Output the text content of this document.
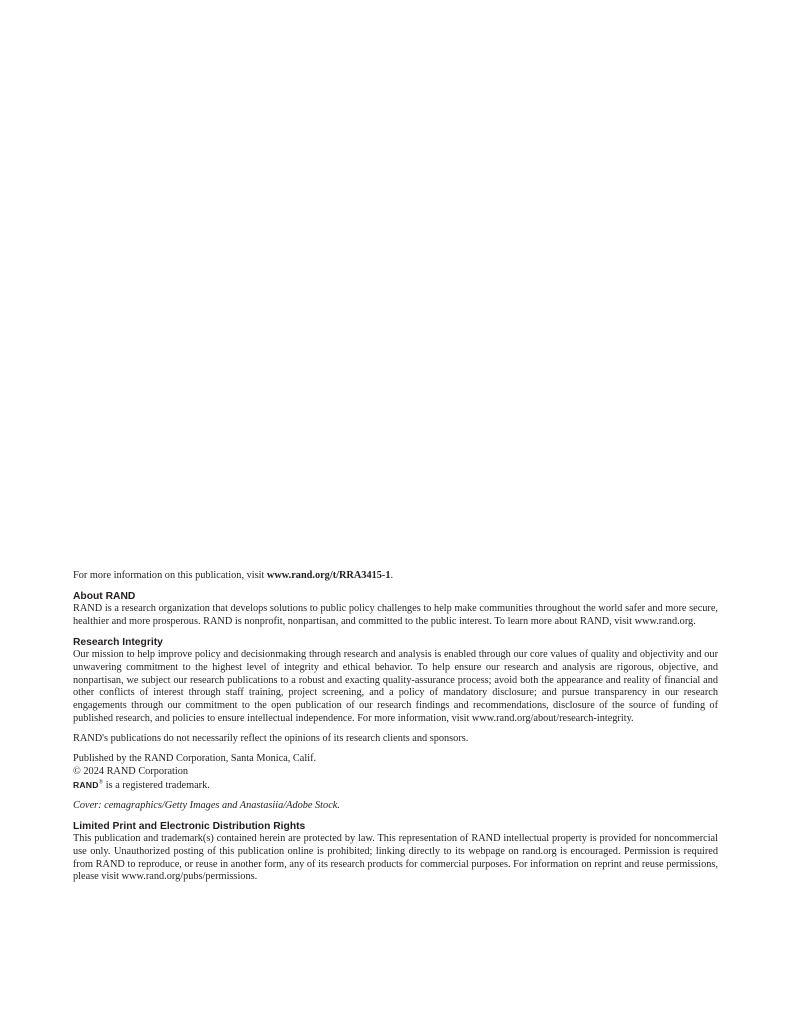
For more information on this publication, visit www.rand.org/t/RRA3415-1.

About RAND

RAND is a research organization that develops solutions to public policy challenges to help make communities throughout the world safer and more secure, healthier and more prosperous. RAND is nonprofit, nonpartisan, and committed to the public interest. To learn more about RAND, visit www.rand.org.

Research Integrity

Our mission to help improve policy and decisionmaking through research and analysis is enabled through our core values of quality and objectivity and our unwavering commitment to the highest level of integrity and ethical behavior. To help ensure our research and analysis are rigorous, objective, and nonpartisan, we subject our research publications to a robust and exacting quality-assurance process; avoid both the appearance and reality of financial and other conflicts of interest through staff training, project screening, and a policy of mandatory disclosure; and pursue transparency in our research engagements through our commitment to the open publication of our research findings and recommendations, disclosure of the source of funding of published research, and policies to ensure intellectual independence. For more information, visit www.rand.org/about/research-integrity.

RAND's publications do not necessarily reflect the opinions of its research clients and sponsors.

Published by the RAND Corporation, Santa Monica, Calif.
© 2024 RAND Corporation
RAND® is a registered trademark.

Cover: cemagraphics/Getty Images and Anastasiia/Adobe Stock.

Limited Print and Electronic Distribution Rights

This publication and trademark(s) contained herein are protected by law. This representation of RAND intellectual property is provided for noncommercial use only. Unauthorized posting of this publication online is prohibited; linking directly to its webpage on rand.org is encouraged. Permission is required from RAND to reproduce, or reuse in another form, any of its research products for commercial purposes. For information on reprint and reuse permissions, please visit www.rand.org/pubs/permissions.
